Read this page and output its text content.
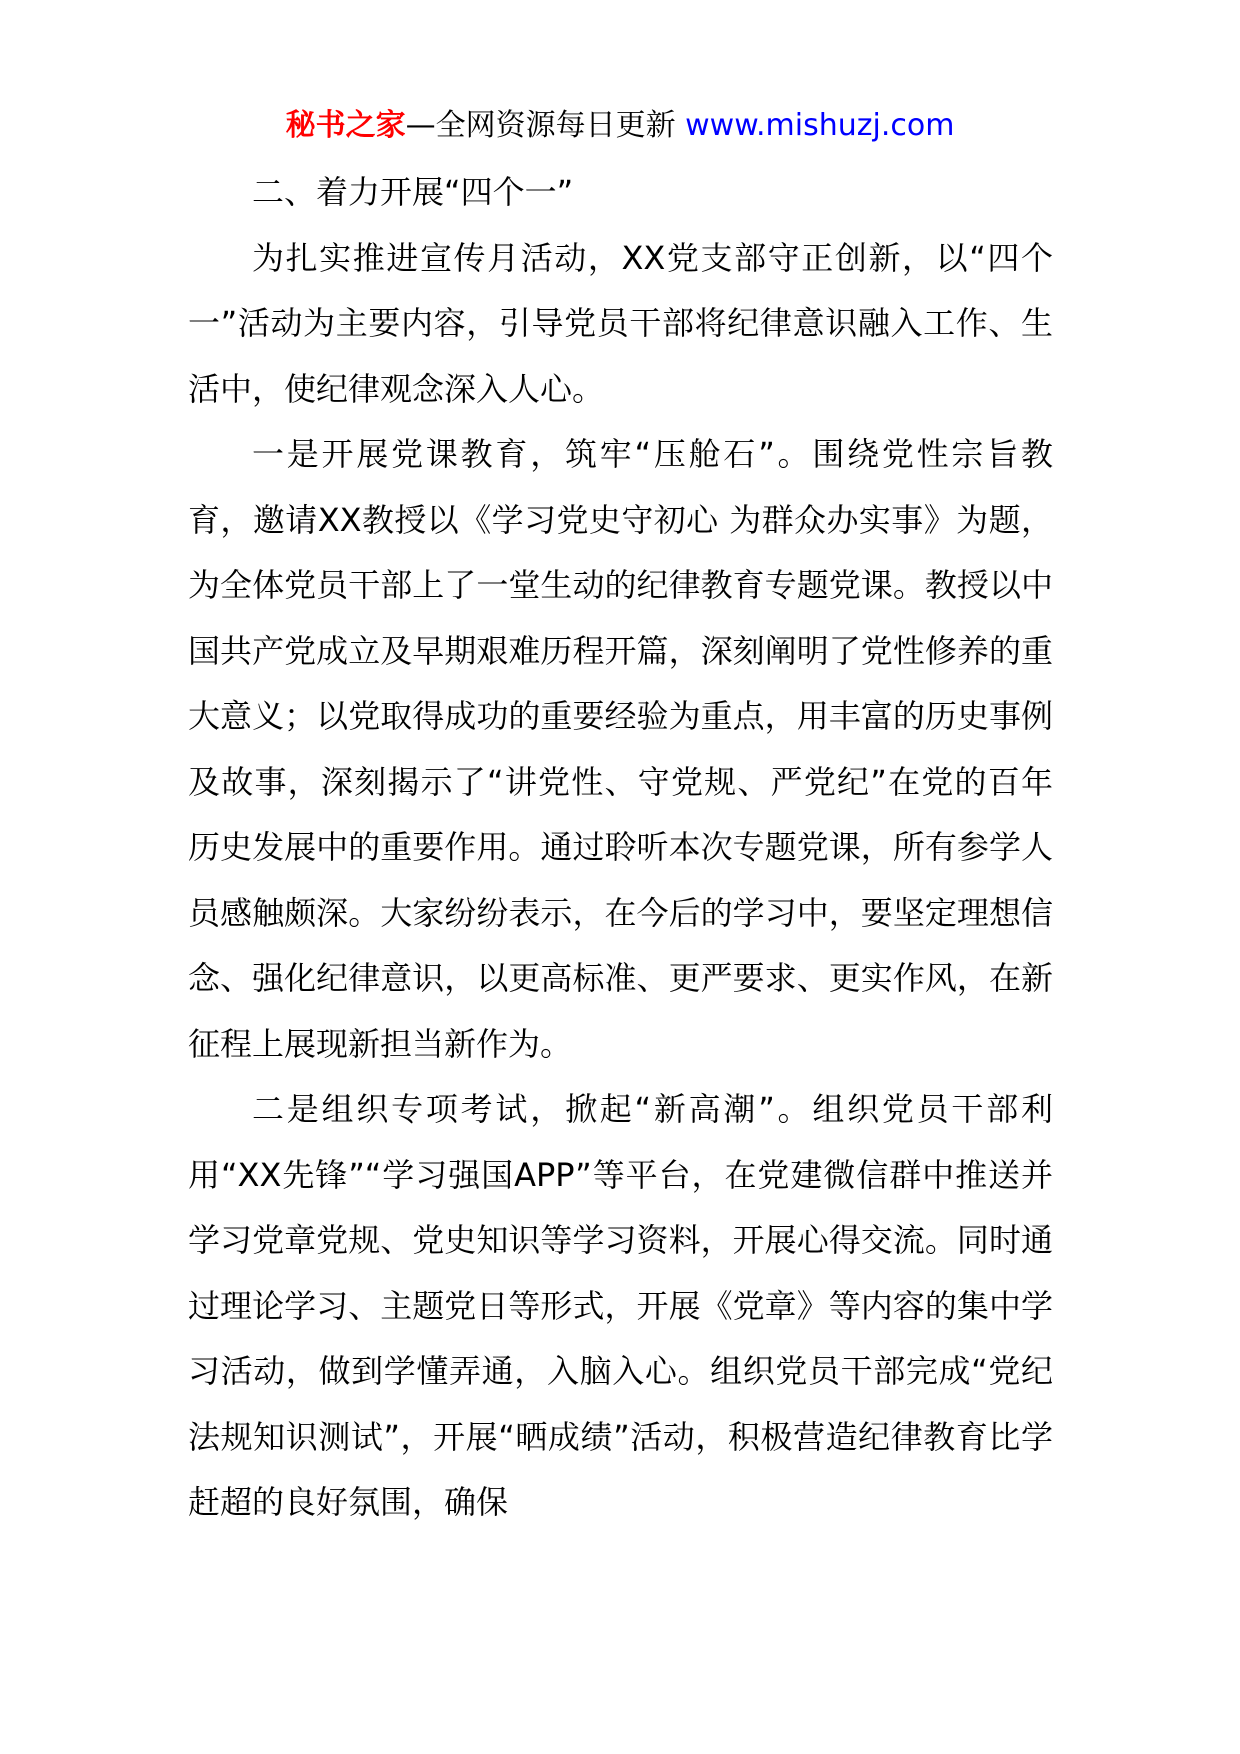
秘书之家—全网资源每日更新 www.mishuzj.com

二、着力开展“四个一”

为扎实推进宣传月活动，XX党支部守正创新，以“四个一”活动为主要内容，引导党员干部将纪律意识融入工作、生活中，使纪律观念深入人心。

一是开展党课教育，筑牢“压舱石”。围绕党性宗旨教育，邀请XX教授以《学习党史守初心 为群众办实事》为题，为全体党员干部上了一堂生动的纪律教育专题党课。教授以中国共产党成立及早期艰难历程开篇，深刻阐明了党性修养的重大意义；以党取得成功的重要经验为重点，用丰富的历史事例及故事，深刻揭示了“讲党性、守党规、严党纪”在党的百年历史发展中的重要作用。通过聆听本次专题党课，所有参学人员感触颇深。大家纷纷表示，在今后的学习中，要坚定理想信念、强化纪律意识，以更高标准、更严要求、更实作风，在新征程上展现新担当新作为。

二是组织专项考试，掀起“新高潮”。组织党员干部利用“XX先锋”“学习强国APP”等平台，在党建微信群中推送并学习党章党规、党史知识等学习资料，开展心得交流。同时通过理论学习、主题党日等形式，开展《党章》等内容的集中学习活动，做到学懂弄通，入脑入心。组织党员干部完成“党纪法规知识测试”，开展“晒成绩”活动，积极营造纪律教育比学赶超的良好氛围，确保
